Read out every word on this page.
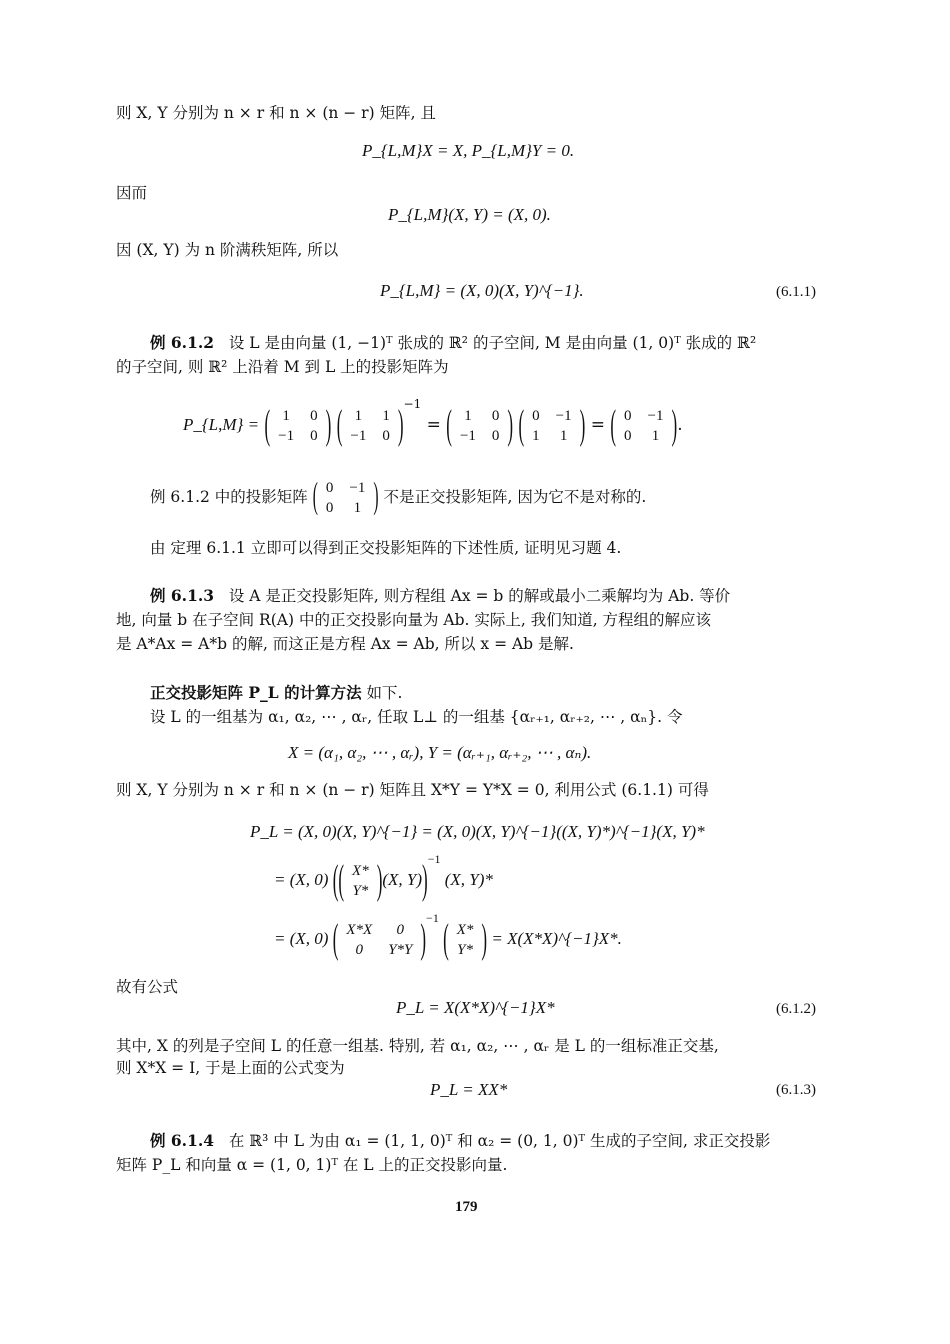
则 X, Y 分别为 n × r 和 n × (n − r) 矩阵, 且
P_{L,M}X = X, P_{L,M}Y = 0.
因而
P_{L,M}(X, Y) = (X, 0).
因 (X, Y) 为 n 阶满秩矩阵, 所以
P_{L,M} = (X, 0)(X, Y)^{−1}.	(6.1.1)
例 6.1.2 设 L 是由向量 (1, −1)ᵀ 张成的 ℝ² 的子空间, M 是由向量 (1, 0)ᵀ 张成的 ℝ²
的子空间, 则 ℝ² 上沿着 M 到 L 上的投影矩阵为
P_{L,M} = ( 1	0
−1	0 ) ( 1	1
−1	0 )$^{-1}$ = ( 1	0
−1	0 ) ( 0	−1
1	1 ) = ( 0	−1
0	1 ).
例 6.1.2 中的投影矩阵 ( 0	−1
0	1 ) 不是正交投影矩阵, 因为它不是对称的.
由 定理 6.1.1 立即可以得到正交投影矩阵的下述性质, 证明见习题 4.
例 6.1.3 设 A 是正交投影矩阵, 则方程组 Ax = b 的解或最小二乘解均为 Ab. 等价
地, 向量 b 在子空间 R(A) 中的正交投影向量为 Ab. 实际上, 我们知道, 方程组的解应该
是 A*Ax = A*b 的解, 而这正是方程 Ax = Ab, 所以 x = Ab 是解.
正交投影矩阵 P_L 的计算方法 如下.
设 L 的一组基为 α₁, α₂, ⋯ , αᵣ, 任取 L⊥ 的一组基 {αᵣ₊₁, αᵣ₊₂, ⋯ , αₙ}. 令
X = (α₁, α₂, ⋯ , αᵣ), Y = (αᵣ₊₁, αᵣ₊₂, ⋯ , αₙ).
则 X, Y 分别为 n × r 和 n × (n − r) 矩阵且 X*Y = Y*X = 0, 利用公式 (6.1.1) 可得
P_L = (X, 0)(X, Y)^{−1} = (X, 0)(X, Y)^{−1}((X, Y)*)^{−1}(X, Y)*
= (X, 0) (( X*
Y* )(X, Y))$^{-1}$ (X, Y)*
= (X, 0) ( X*X	0
0	Y*Y )$^{-1}$ ( X*
Y* ) = X(X*X)^{−1}X*.
故有公式
P_L = X(X*X)^{−1}X*	(6.1.2)
其中, X 的列是子空间 L 的任意一组基. 特别, 若 α₁, α₂, ⋯ , αᵣ 是 L 的一组标准正交基,
则 X*X = I, 于是上面的公式变为
P_L = XX*	(6.1.3)
例 6.1.4 在 ℝ³ 中 L 为由 α₁ = (1, 1, 0)ᵀ 和 α₂ = (0, 1, 0)ᵀ 生成的子空间, 求正交投影
矩阵 P_L 和向量 α = (1, 0, 1)ᵀ 在 L 上的正交投影向量.
179
